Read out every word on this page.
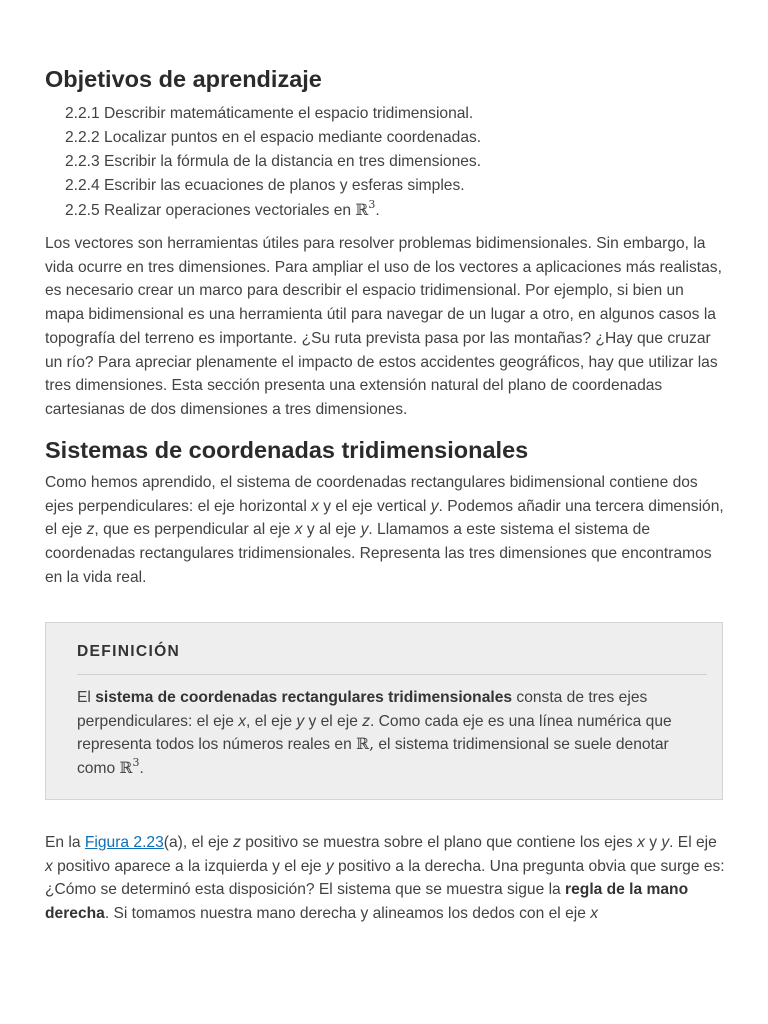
Objetivos de aprendizaje
2.2.1 Describir matemáticamente el espacio tridimensional.
2.2.2 Localizar puntos en el espacio mediante coordenadas.
2.2.3 Escribir la fórmula de la distancia en tres dimensiones.
2.2.4 Escribir las ecuaciones de planos y esferas simples.
2.2.5 Realizar operaciones vectoriales en ℝ$^3$.

Los vectores son herramientas útiles para resolver problemas bidimensionales. Sin embargo, la vida ocurre en tres dimensiones. Para ampliar el uso de los vectores a aplicaciones más realistas, es necesario crear un marco para describir el espacio tridimensional. Por ejemplo, si bien un mapa bidimensional es una herramienta útil para navegar de un lugar a otro, en algunos casos la topografía del terreno es importante. ¿Su ruta prevista pasa por las montañas? ¿Hay que cruzar un río? Para apreciar plenamente el impacto de estos accidentes geográficos, hay que utilizar las tres dimensiones. Esta sección presenta una extensión natural del plano de coordenadas cartesianas de dos dimensiones a tres dimensiones.

Sistemas de coordenadas tridimensionales

Como hemos aprendido, el sistema de coordenadas rectangulares bidimensional contiene dos ejes perpendiculares: el eje horizontal x y el eje vertical y. Podemos añadir una tercera dimensión, el eje z, que es perpendicular al eje x y al eje y. Llamamos a este sistema el sistema de coordenadas rectangulares tridimensionales. Representa las tres dimensiones que encontramos en la vida real.

DEFINICIÓN

El sistema de coordenadas rectangulares tridimensionales consta de tres ejes perpendiculares: el eje x, el eje y y el eje z. Como cada eje es una línea numérica que representa todos los números reales en ℝ, el sistema tridimensional se suele denotar como ℝ$^3$.

En la Figura 2.23(a), el eje z positivo se muestra sobre el plano que contiene los ejes x y y. El eje x positivo aparece a la izquierda y el eje y positivo a la derecha. Una pregunta obvia que surge es: ¿Cómo se determinó esta disposición? El sistema que se muestra sigue la regla de la mano derecha. Si tomamos nuestra mano derecha y alineamos los dedos con el eje x
